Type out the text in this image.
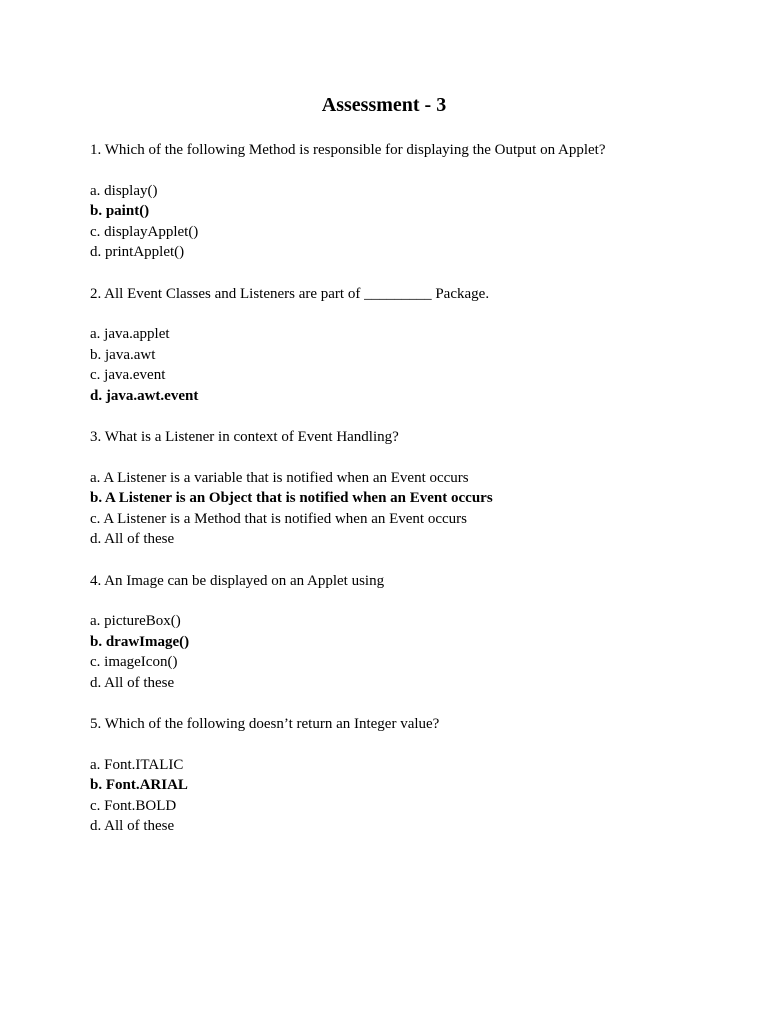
Assessment - 3

1. Which of the following Method is responsible for displaying the Output on Applet?

a. display()
b. paint()
c. displayApplet()
d. printApplet()

2. All Event Classes and Listeners are part of _________ Package.

a. java.applet
b. java.awt
c. java.event
d. java.awt.event

3. What is a Listener in context of Event Handling?

a. A Listener is a variable that is notified when an Event occurs
b. A Listener is an Object that is notified when an Event occurs
c. A Listener is a Method that is notified when an Event occurs
d. All of these

4. An Image can be displayed on an Applet using

a. pictureBox()
b. drawImage()
c. imageIcon()
d. All of these

5. Which of the following doesn’t return an Integer value?

a. Font.ITALIC
b. Font.ARIAL
c. Font.BOLD
d. All of these
